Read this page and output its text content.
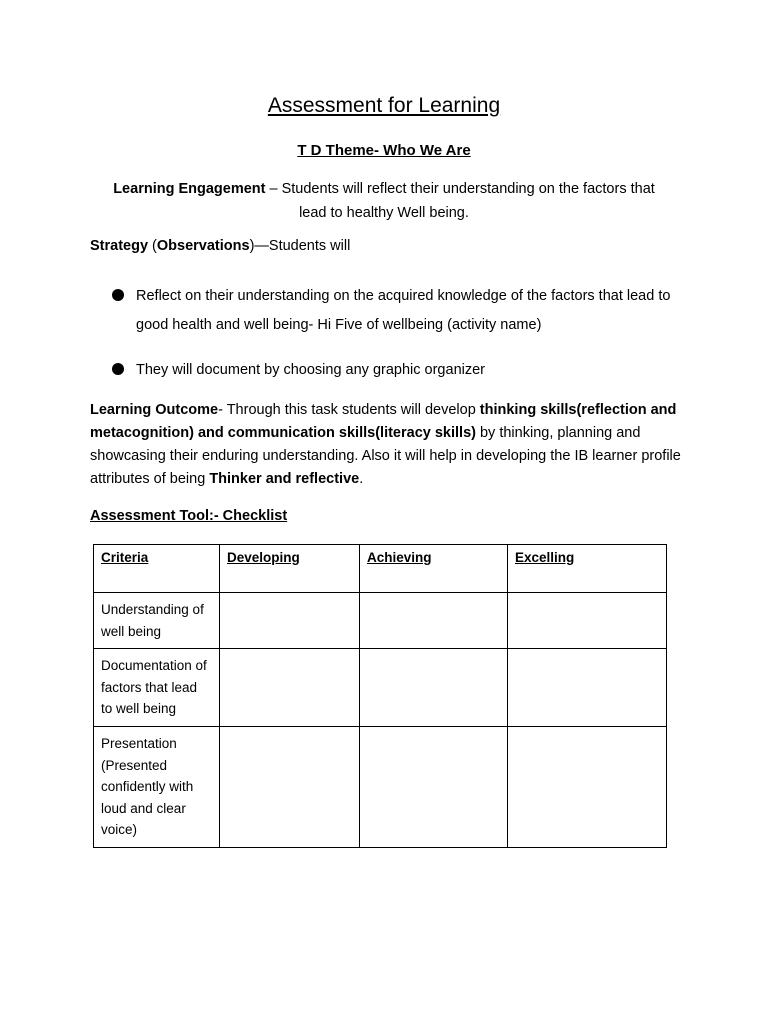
Assessment for Learning
T D Theme- Who We Are
Learning Engagement – Students will reflect their understanding on the factors that lead to healthy Well being.
Strategy (Observations)—Students will
Reflect on their understanding on the acquired knowledge of the factors that lead to good health and well being- Hi Five of wellbeing (activity name)
They will document by choosing any graphic organizer
Learning Outcome- Through this task students will develop thinking skills(reflection and metacognition) and communication skills(literacy skills) by thinking, planning and showcasing their enduring understanding. Also it will help in developing the IB learner profile attributes of being Thinker and reflective.
Assessment Tool:- Checklist
Criteria	Developing	Achieving	Excelling
Understanding of well being			
Documentation of factors that lead to well being			
Presentation (Presented confidently with loud and clear voice)			
